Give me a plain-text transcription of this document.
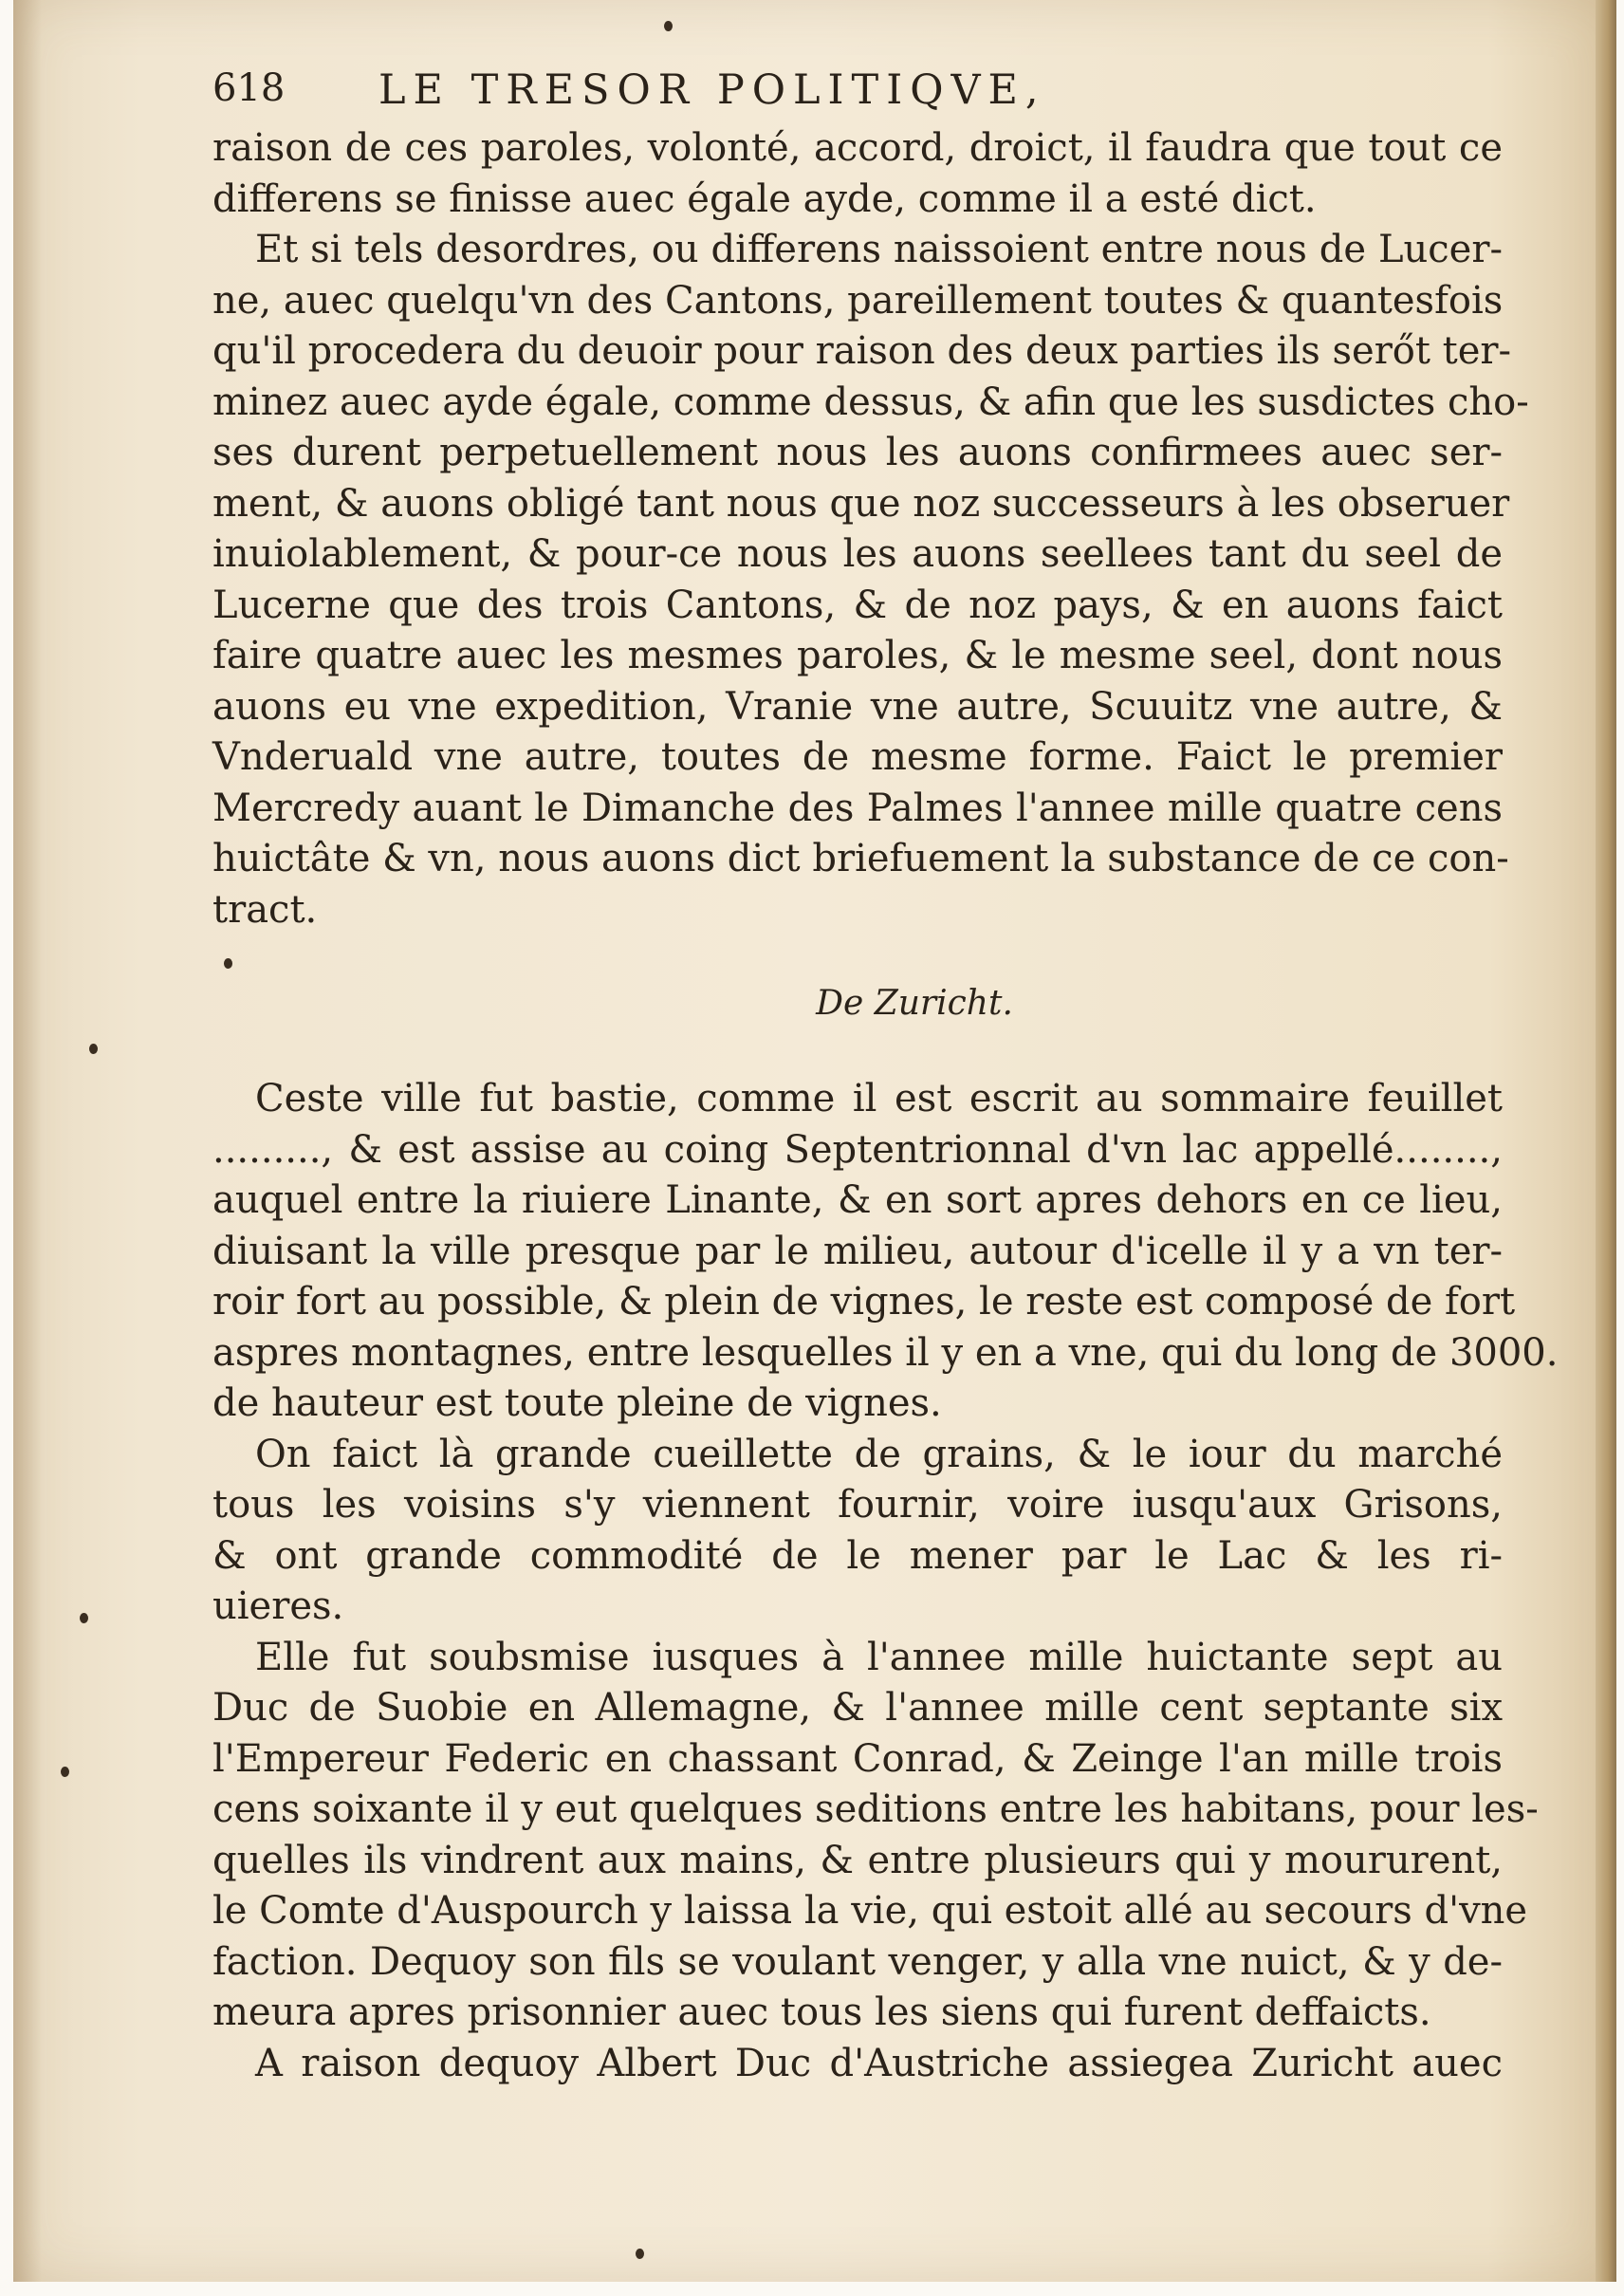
618 LE TRESOR POLITIQVE,
raison de ces paroles, volonté, accord, droict, il faudra que tout ce
differens se finisse auec égale ayde, comme il a esté dict.
Et si tels desordres, ou differens naissoient entre nous de Lucer-
ne, auec quelqu'vn des Cantons, pareillement toutes & quantesfois
qu'il procedera du deuoir pour raison des deux parties ils serőt ter-
minez auec ayde égale, comme dessus, & afin que les susdictes cho-
ses durent perpetuellement nous les auons confirmees auec ser-
ment, & auons obligé tant nous que noz successeurs à les obseruer
inuiolablement, & pour-ce nous les auons seellees tant du seel de
Lucerne que des trois Cantons, & de noz pays, & en auons faict
faire quatre auec les mesmes paroles, & le mesme seel, dont nous
auons eu vne expedition, Vranie vne autre, Scuuitz vne autre, &
Vnderuald vne autre, toutes de mesme forme. Faict le premier
Mercredy auant le Dimanche des Palmes l'annee mille quatre cens
huictâte & vn, nous auons dict briefuement la substance de ce con-
tract.
De Zuricht.
Ceste ville fut bastie, comme il est escrit au sommaire feuillet
........., & est assise au coing Septentrionnal d'vn lac appellé........,
auquel entre la riuiere Linante, & en sort apres dehors en ce lieu,
diuisant la ville presque par le milieu, autour d'icelle il y a vn ter-
roir fort au possible, & plein de vignes, le reste est composé de fort
aspres montagnes, entre lesquelles il y en a vne, qui du long de 3000.
de hauteur est toute pleine de vignes.
On faict là grande cueillette de grains, & le iour du marché
tous les voisins s'y viennent fournir, voire iusqu'aux Grisons,
& ont grande commodité de le mener par le Lac & les ri-
uieres.
Elle fut soubsmise iusques à l'annee mille huictante sept au
Duc de Suobie en Allemagne, & l'annee mille cent septante six
l'Empereur Federic en chassant Conrad, & Zeinge l'an mille trois
cens soixante il y eut quelques seditions entre les habitans, pour les-
quelles ils vindrent aux mains, & entre plusieurs qui y moururent,
le Comte d'Auspourch y laissa la vie, qui estoit allé au secours d'vne
faction. Dequoy son fils se voulant venger, y alla vne nuict, & y de-
meura apres prisonnier auec tous les siens qui furent deffaicts.
A raison dequoy Albert Duc d'Austriche assiegea Zuricht auec
